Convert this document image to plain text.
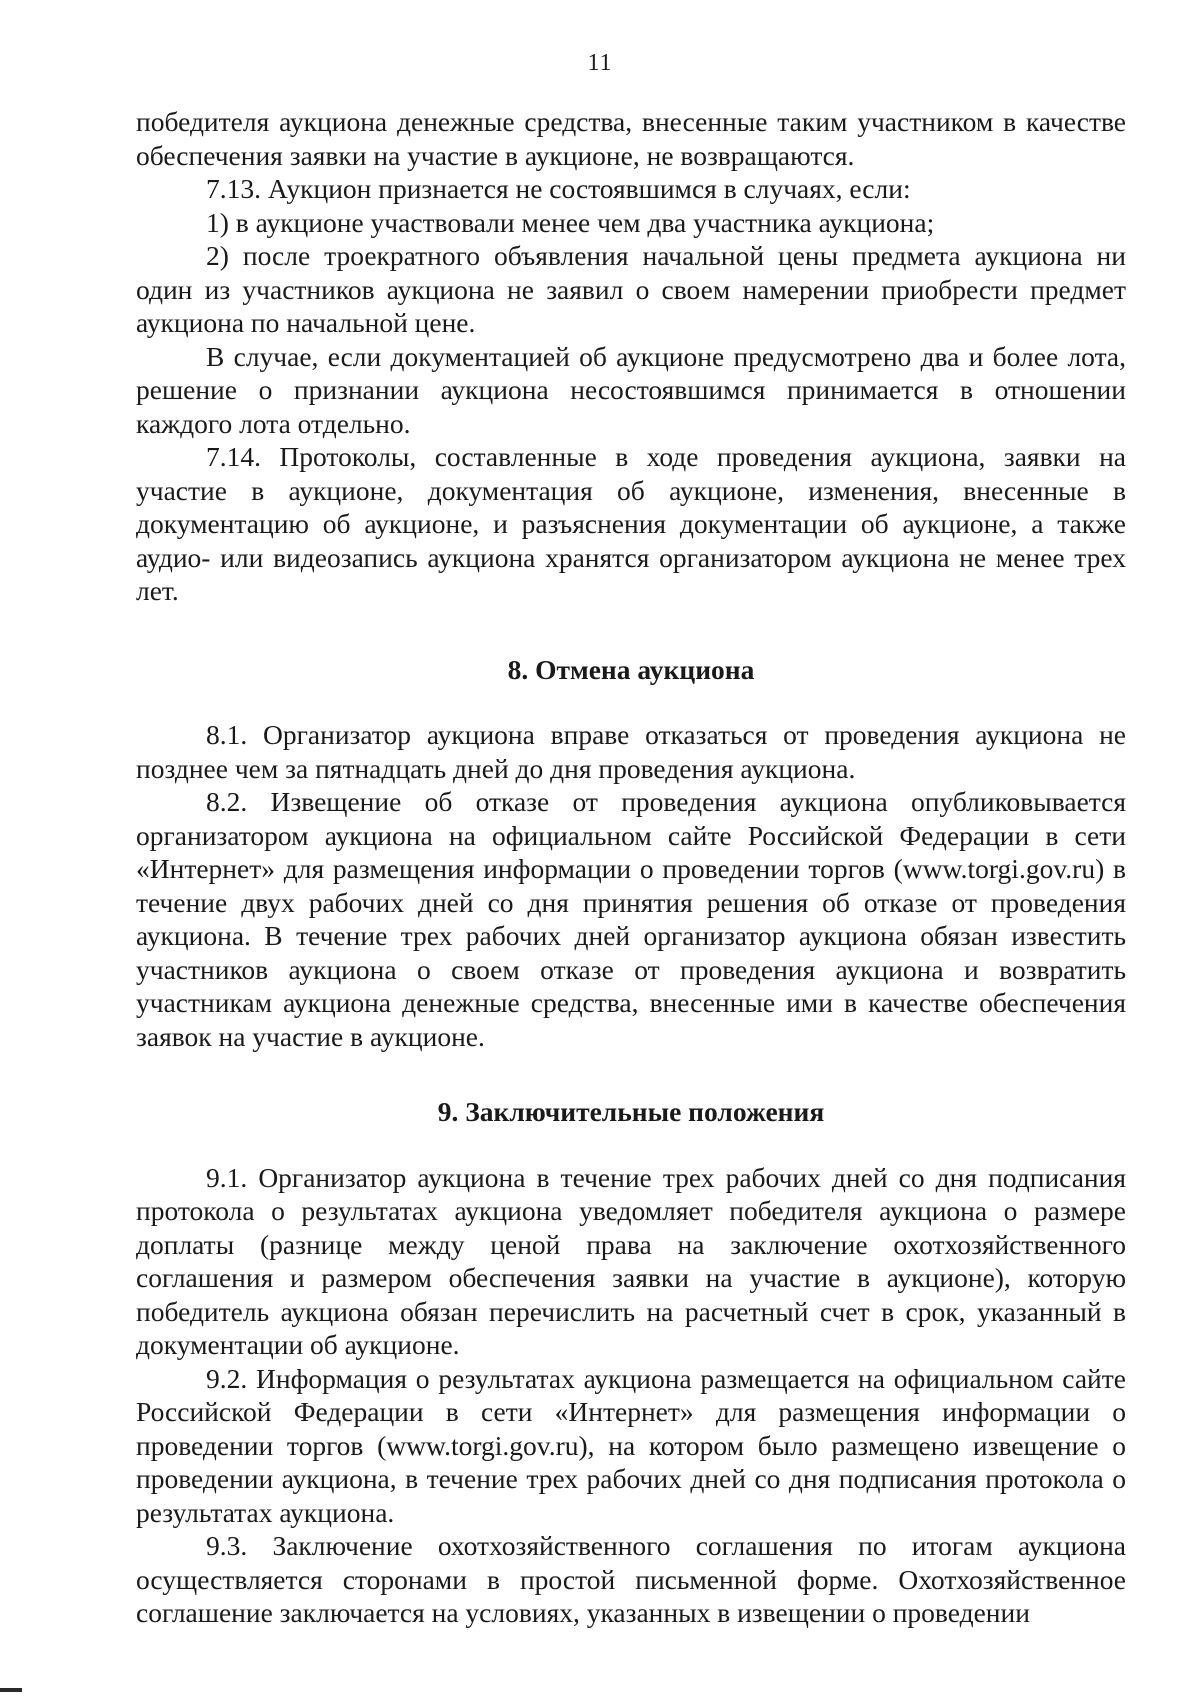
11

победителя аукциона денежные средства, внесенные таким участником в качестве обеспечения заявки на участие в аукционе, не возвращаются.

7.13. Аукцион признается не состоявшимся в случаях, если:

1) в аукционе участвовали менее чем два участника аукциона;

2) после троекратного объявления начальной цены предмета аукциона ни один из участников аукциона не заявил о своем намерении приобрести предмет аукциона по начальной цене.

В случае, если документацией об аукционе предусмотрено два и более лота, решение о признании аукциона несостоявшимся принимается в отношении каждого лота отдельно.

7.14. Протоколы, составленные в ходе проведения аукциона, заявки на участие в аукционе, документация об аукционе, изменения, внесенные в документацию об аукционе, и разъяснения документации об аукционе, а также аудио- или видеозапись аукциона хранятся организатором аукциона не менее трех лет.

8. Отмена аукциона

8.1. Организатор аукциона вправе отказаться от проведения аукциона не позднее чем за пятнадцать дней до дня проведения аукциона.

8.2. Извещение об отказе от проведения аукциона опубликовывается организатором аукциона на официальном сайте Российской Федерации в сети «Интернет» для размещения информации о проведении торгов (www.torgi.gov.ru) в течение двух рабочих дней со дня принятия решения об отказе от проведения аукциона. В течение трех рабочих дней организатор аукциона обязан известить участников аукциона о своем отказе от проведения аукциона и возвратить участникам аукциона денежные средства, внесенные ими в качестве обеспечения заявок на участие в аукционе.

9. Заключительные положения

9.1. Организатор аукциона в течение трех рабочих дней со дня подписания протокола о результатах аукциона уведомляет победителя аукциона о размере доплаты (разнице между ценой права на заключение охотхозяйственного соглашения и размером обеспечения заявки на участие в аукционе), которую победитель аукциона обязан перечислить на расчетный счет в срок, указанный в документации об аукционе.

9.2. Информация о результатах аукциона размещается на официальном сайте Российской Федерации в сети «Интернет» для размещения информации о проведении торгов (www.torgi.gov.ru), на котором было размещено извещение о проведении аукциона, в течение трех рабочих дней со дня подписания протокола о результатах аукциона.

9.3. Заключение охотхозяйственного соглашения по итогам аукциона осуществляется сторонами в простой письменной форме. Охотхозяйственное соглашение заключается на условиях, указанных в извещении о проведении
